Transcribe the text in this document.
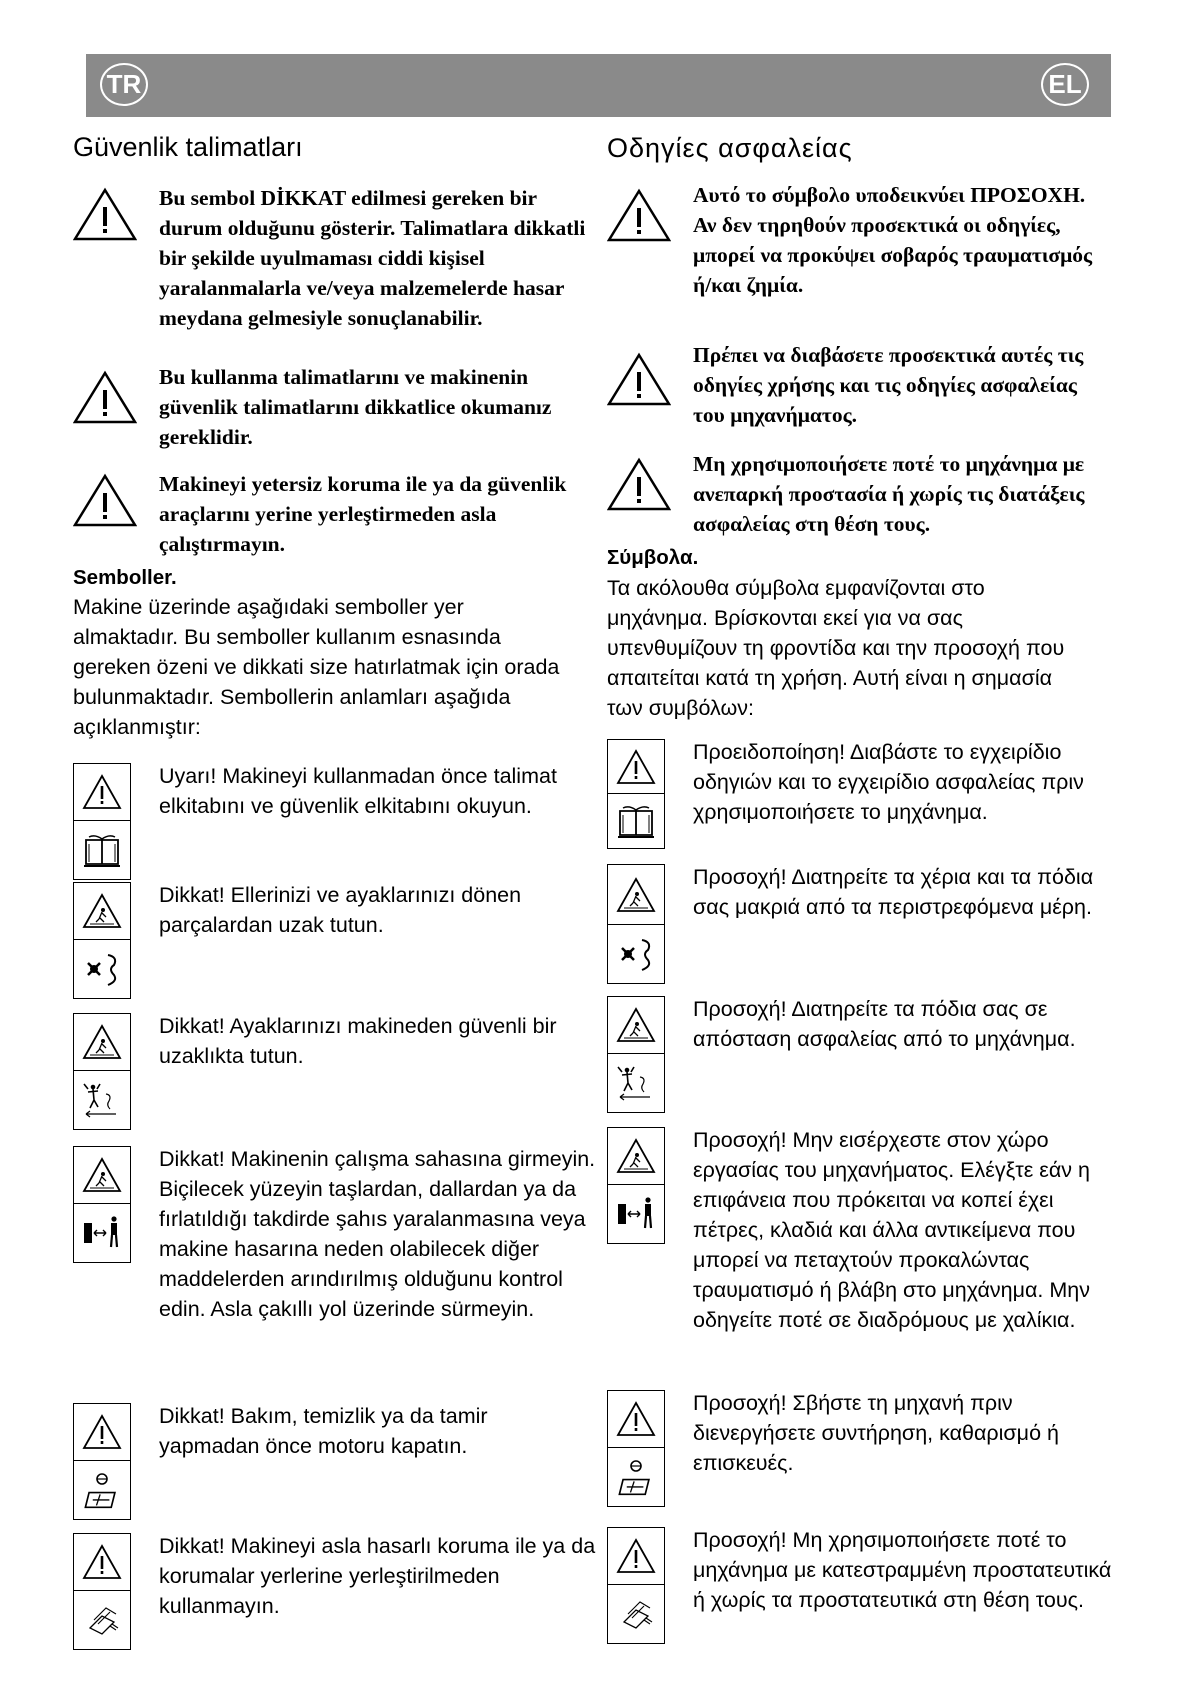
TR	EL
Güvenlik talimatları
Bu sembol DİKKAT edilmesi gereken bir durum olduğunu gösterir. Talimatlara dikkatli bir şekilde uyulmaması ciddi kişisel yaralanmalarla ve/veya malzemelerde hasar meydana gelmesiyle sonuçlanabilir.
Bu kullanma talimatlarını ve makinenin güvenlik talimatlarını dikkatlice okumanız gereklidir.
Makineyi yetersiz koruma ile ya da güvenlik araçlarını yerine yerleştirmeden asla çalıştırmayın.
Semboller.
Makine üzerinde aşağıdaki semboller yer almaktadır. Bu semboller kullanım esnasında gereken özeni ve dikkati size hatırlatmak için orada bulunmaktadır. Sembollerin anlamları aşağıda açıklanmıştır:
Uyarı! Makineyi kullanmadan önce talimat elkitabını ve güvenlik elkitabını okuyun.
Dikkat! Ellerinizi ve ayaklarınızı dönen parçalardan uzak tutun.
Dikkat! Ayaklarınızı makineden güvenli bir uzaklıkta tutun.
Dikkat! Makinenin çalışma sahasına girmeyin. Biçilecek yüzeyin taşlardan, dallardan ya da fırlatıldığı takdirde şahıs yaralanmasına veya makine hasarına neden olabilecek diğer maddelerden arındırılmış olduğunu kontrol edin. Asla çakıllı yol üzerinde sürmeyin.
Dikkat! Bakım, temizlik ya da tamir yapmadan önce motoru kapatın.
Dikkat! Makineyi asla hasarlı koruma ile ya da korumalar yerlerine yerleştirilmeden kullanmayın.
Οδηγίες ασφαλείας
Αυτό το σύμβολο υποδεικνύει ΠΡΟΣΟΧΗ. Αν δεν τηρηθούν προσεκτικά οι οδηγίες, μπορεί να προκύψει σοβαρός τραυματισμός ή/και ζημία.
Πρέπει να διαβάσετε προσεκτικά αυτές τις οδηγίες χρήσης και τις οδηγίες ασφαλείας του μηχανήματος.
Μη χρησιμοποιήσετε ποτέ το μηχάνημα με ανεπαρκή προστασία ή χωρίς τις διατάξεις ασφαλείας στη θέση τους.
Σύμβολα.
Τα ακόλουθα σύμβολα εμφανίζονται στο μηχάνημα. Βρίσκονται εκεί για να σας υπενθυμίζουν τη φροντίδα και την προσοχή που απαιτείται κατά τη χρήση. Αυτή είναι η σημασία των συμβόλων:
Προειδοποίηση! Διαβάστε το εγχειρίδιο οδηγιών και το εγχειρίδιο ασφαλείας πριν χρησιμοποιήσετε το μηχάνημα.
Προσοχή! Διατηρείτε τα χέρια και τα πόδια σας μακριά από τα περιστρεφόμενα μέρη.
Προσοχή! Διατηρείτε τα πόδια σας σε απόσταση ασφαλείας από το μηχάνημα.
Προσοχή! Μην εισέρχεστε στον χώρο εργασίας του μηχανήματος. Ελέγξτε εάν η επιφάνεια που πρόκειται να κοπεί έχει πέτρες, κλαδιά και άλλα αντικείμενα που μπορεί να πεταχτούν προκαλώντας τραυματισμό ή βλάβη στο μηχάνημα. Μην οδηγείτε ποτέ σε διαδρόμους με χαλίκια.
Προσοχή! Σβήστε τη μηχανή πριν διενεργήσετε συντήρηση, καθαρισμό ή επισκευές.
Προσοχή! Μη χρησιμοποιήσετε ποτέ το μηχάνημα με κατεστραμμένη προστατευτικά ή χωρίς τα προστατευτικά στη θέση τους.
